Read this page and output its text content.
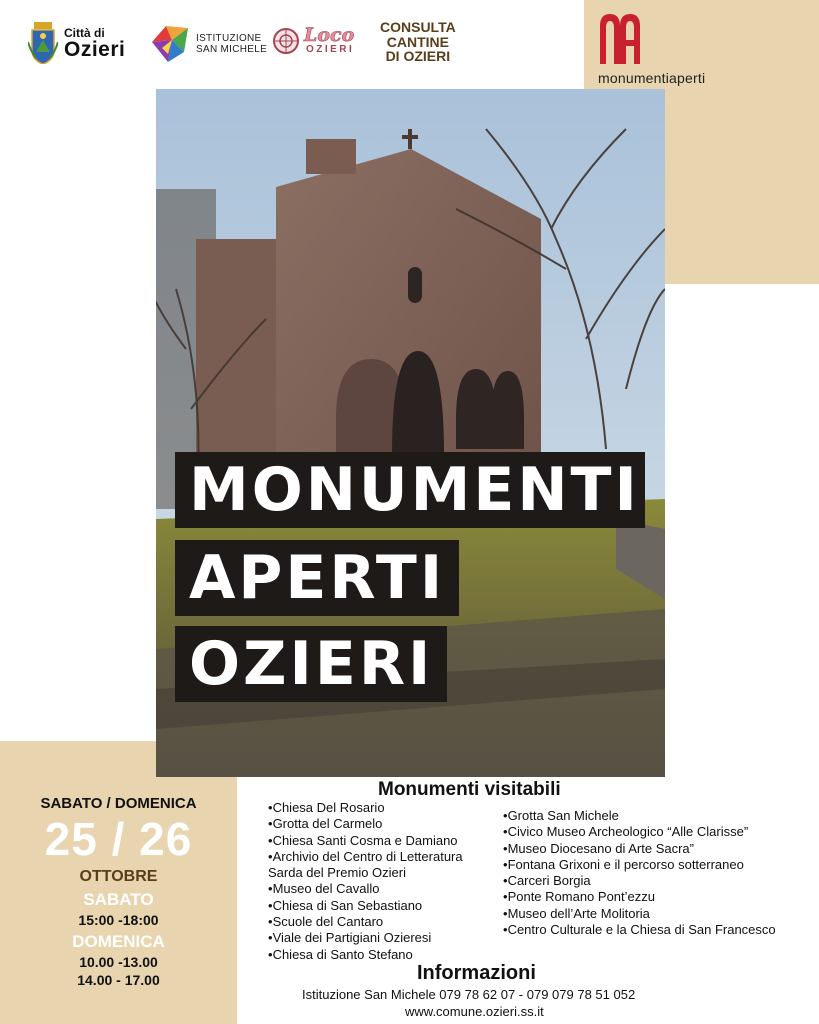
Città di
Ozieri	ISTITUZIONE
SAN MICHELE
Loco
OZIERI
CONSULTA
CANTINE
DI OZIERI
monumentiaperti
MONUMENTI
APERTI
OZIERI
SABATO / DOMENICA
25 / 26
OTTOBRE
SABATO
15:00 -18:00
DOMENICA
10.00 -13.00
14.00 - 17.00
Monumenti visitabili
• Chiesa Del Rosario
• Grotta del Carmelo
• Chiesa Santi Cosma e Damiano
• Archivio del Centro di Letteratura Sarda del Premio Ozieri
• Museo del Cavallo
• Chiesa di San Sebastiano
• Scuole del Cantaro
• Viale dei Partigiani Ozieresi
• Chiesa di Santo Stefano
• Grotta San Michele
• Civico Museo Archeologico “Alle Clarisse”
• Museo Diocesano di Arte Sacra”
• Fontana Grixoni e il percorso sotterraneo
• Carceri Borgia
• Ponte Romano Pont’ezzu
• Museo dell’Arte Molitoria
• Centro Culturale e la Chiesa di San Francesco
Informazioni
Istituzione San Michele 079 78 62 07 - 079 079 78 51 052
www.comune.ozieri.ss.it
